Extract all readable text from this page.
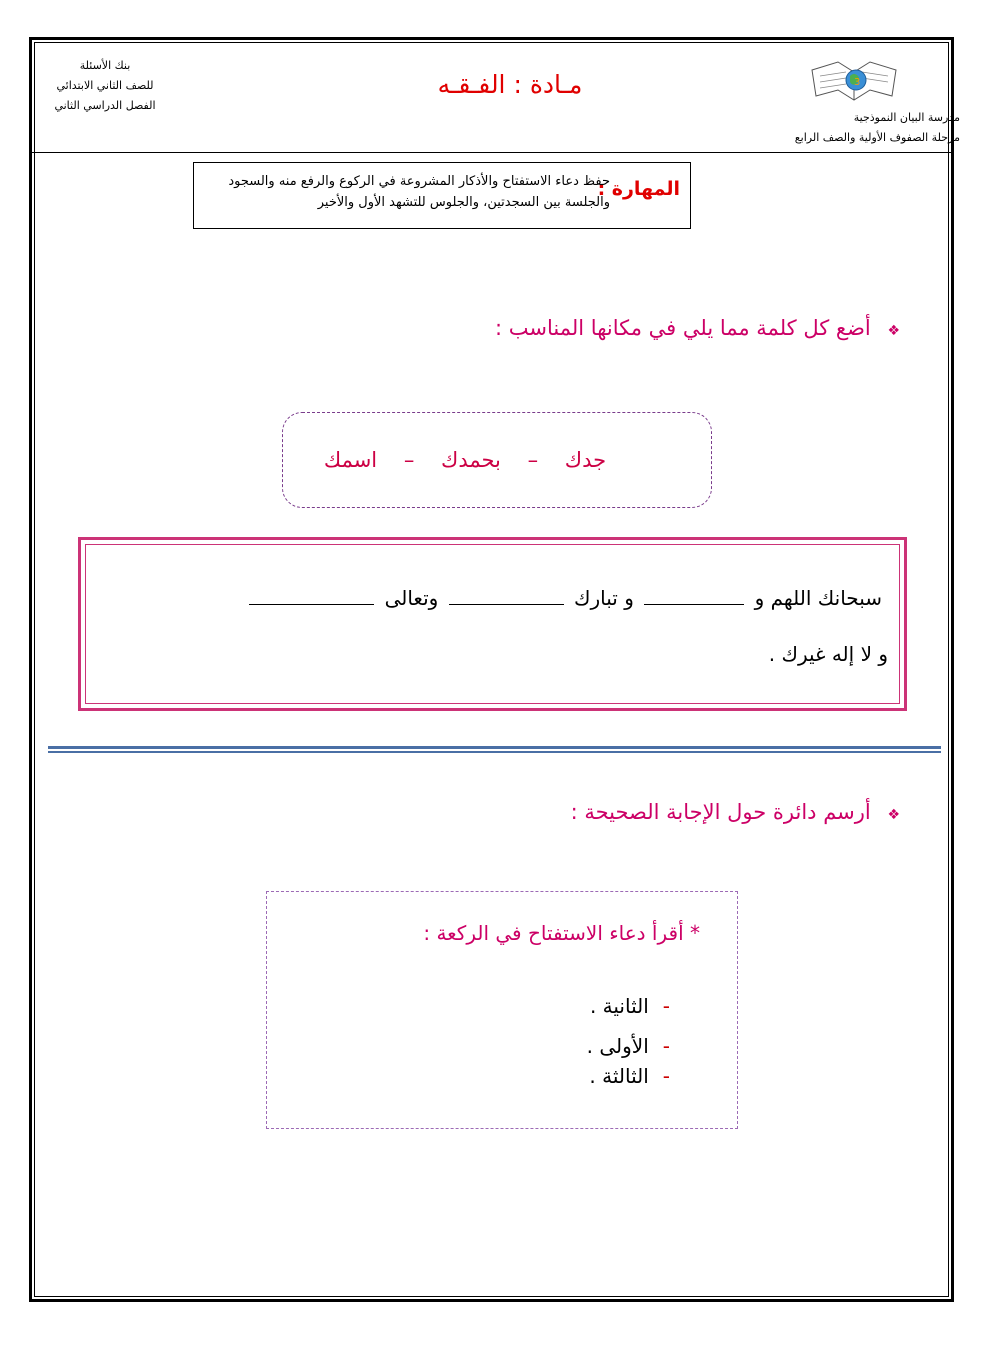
بنك الأسئلة
للصف الثاني الابتدائي
الفصل الدراسي الثاني
مـادة : الفـقـه	3
مدرسة البيان النموذجية
مرحلة الصفوف الأولية والصف الرابع
المهارة :
حفظ دعاء الاستفتاح والأذكار المشروعة في الركوع والرفع منه والسجود والجلسة بين السجدتين، والجلوس للتشهد الأول والأخير
❖ أضع كل كلمة مما يلي في مكانها المناسب :
جدك – بحمدك – اسمك
سبحانك اللهم و  و تبارك  وتعالى
و لا إله غيرك .
❖ أرسم دائرة حول الإجابة الصحيحة :
* أقرأ دعاء الاستفتاح في الركعة :
-الثانية .
-الأولى .
-الثالثة .
